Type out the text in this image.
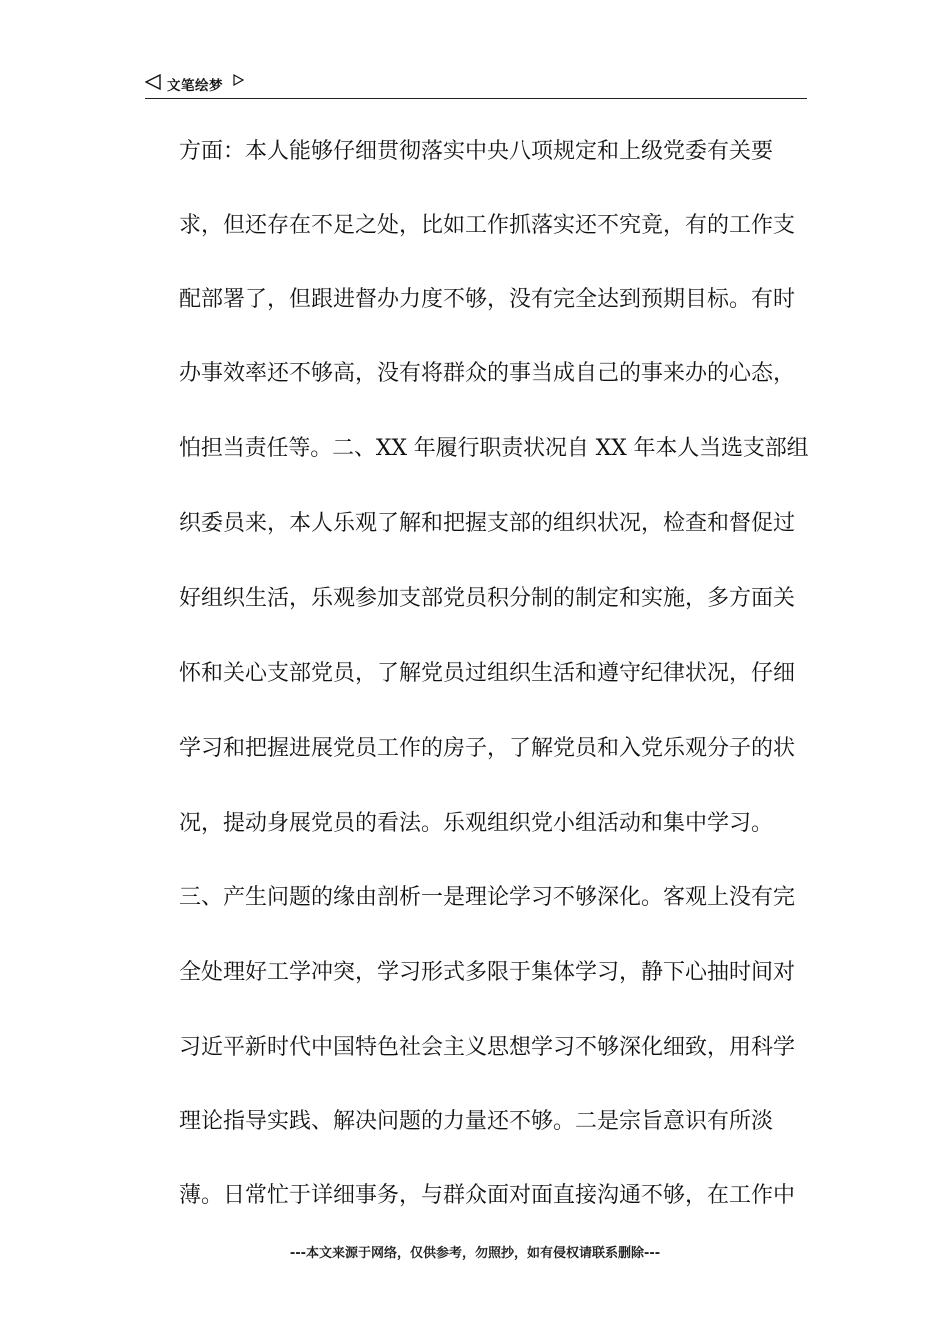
文笔绘梦
方面：本人能够仔细贯彻落实中央八项规定和上级党委有关要
求，但还存在不足之处，比如工作抓落实还不究竟，有的工作支
配部署了，但跟进督办力度不够，没有完全达到预期目标。有时
办事效率还不够高，没有将群众的事当成自己的事来办的心态，
怕担当责任等。二、XX 年履行职责状况自 XX 年本人当选支部组
织委员来，本人乐观了解和把握支部的组织状况，检查和督促过
好组织生活，乐观参加支部党员积分制的制定和实施，多方面关
怀和关心支部党员，了解党员过组织生活和遵守纪律状况，仔细
学习和把握进展党员工作的房子，了解党员和入党乐观分子的状
况，提动身展党员的看法。乐观组织党小组活动和集中学习。
三、产生问题的缘由剖析一是理论学习不够深化。客观上没有完
全处理好工学冲突，学习形式多限于集体学习，静下心抽时间对
习近平新时代中国特色社会主义思想学习不够深化细致，用科学
理论指导实践、解决问题的力量还不够。二是宗旨意识有所淡
薄。日常忙于详细事务，与群众面对面直接沟通不够，在工作中
---本文来源于网络，仅供参考，勿照抄，如有侵权请联系删除---
